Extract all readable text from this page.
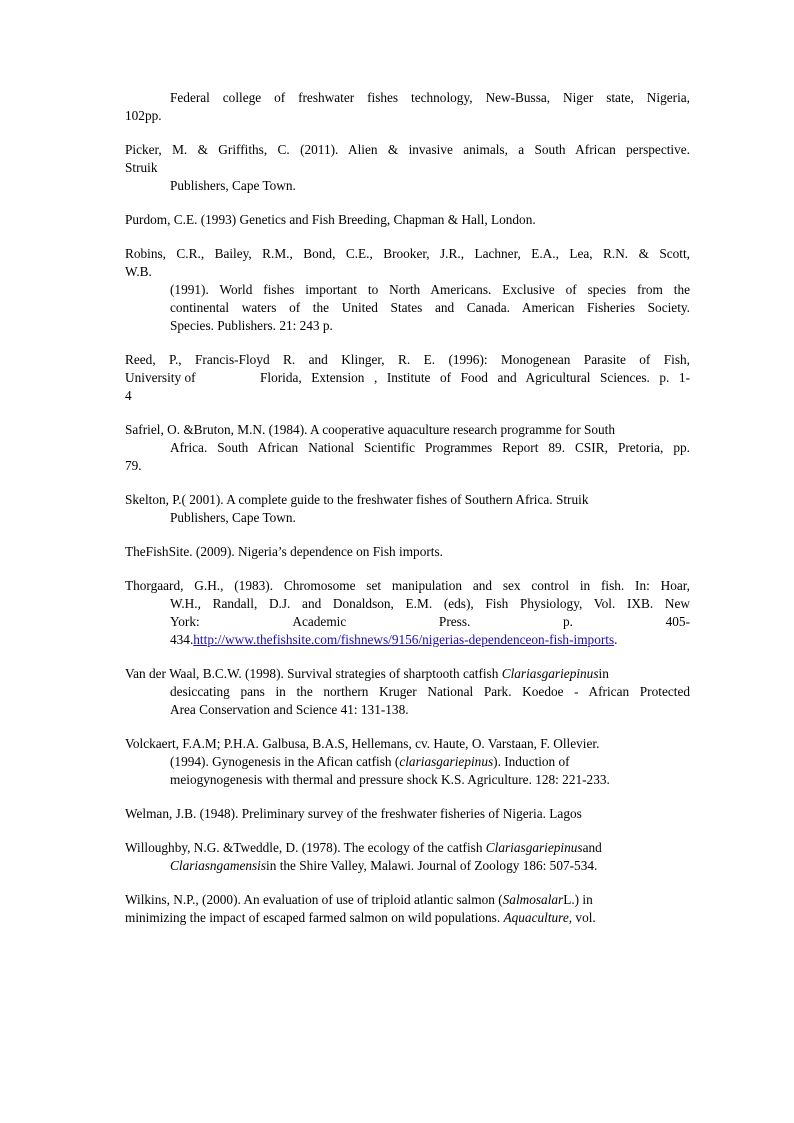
Federal college of freshwater fishes technology, New-Bussa, Niger state, Nigeria,
102pp.
Picker, M. & Griffiths, C. (2011). Alien & invasive animals, a South African perspective.
Struik
Publishers, Cape Town.
Purdom, C.E. (1993) Genetics and Fish Breeding, Chapman & Hall, London.
Robins, C.R., Bailey, R.M., Bond, C.E., Brooker, J.R., Lachner, E.A., Lea, R.N. & Scott,
W.B.
(1991). World fishes important to North Americans. Exclusive of species from the
continental waters of the United States and Canada. American Fisheries Society.
Species. Publishers. 21: 243 p.
Reed, P., Francis-Floyd R. and Klinger, R. E. (1996): Monogenean Parasite of Fish,
University of	Florida, Extension , Institute of Food and Agricultural Sciences. p. 1-
4
Safriel, O. &Bruton, M.N. (1984). A cooperative aquaculture research programme for South
Africa. South African National Scientific Programmes Report 89. CSIR, Pretoria, pp.
79.
Skelton, P.( 2001). A complete guide to the freshwater fishes of Southern Africa. Struik
Publishers, Cape Town.
TheFishSite. (2009). Nigeria’s dependence on Fish imports.
Thorgaard, G.H., (1983). Chromosome set manipulation and sex control in fish. In: Hoar,
W.H., Randall, D.J. and Donaldson, E.M. (eds), Fish Physiology, Vol. IXB. New
York:	Academic	Press.	p.	405-
434.http://www.thefishsite.com/fishnews/9156/nigerias-dependenceon-fish-imports.
Van der Waal, B.C.W. (1998). Survival strategies of sharptooth catfish Clariasgariepinusin
desiccating pans in the northern Kruger National Park. Koedoe - African Protected
Area Conservation and Science 41: 131-138.
Volckaert, F.A.M; P.H.A. Galbusa, B.A.S, Hellemans, cv. Haute, O. Varstaan, F. Ollevier.
(1994). Gynogenesis in the Afican catfish (clariasgariepinus). Induction of
meiogynogenesis with thermal and pressure shock K.S. Agriculture. 128: 221-233.
Welman, J.B. (1948). Preliminary survey of the freshwater fisheries of Nigeria. Lagos
Willoughby, N.G. &Tweddle, D. (1978). The ecology of the catfish Clariasgariepinusand
Clariasngamensisin the Shire Valley, Malawi. Journal of Zoology 186: 507-534.
Wilkins, N.P., (2000). An evaluation of use of triploid atlantic salmon (SalmosalarL.) in
minimizing the impact of escaped farmed salmon on wild populations. Aquaculture, vol.
